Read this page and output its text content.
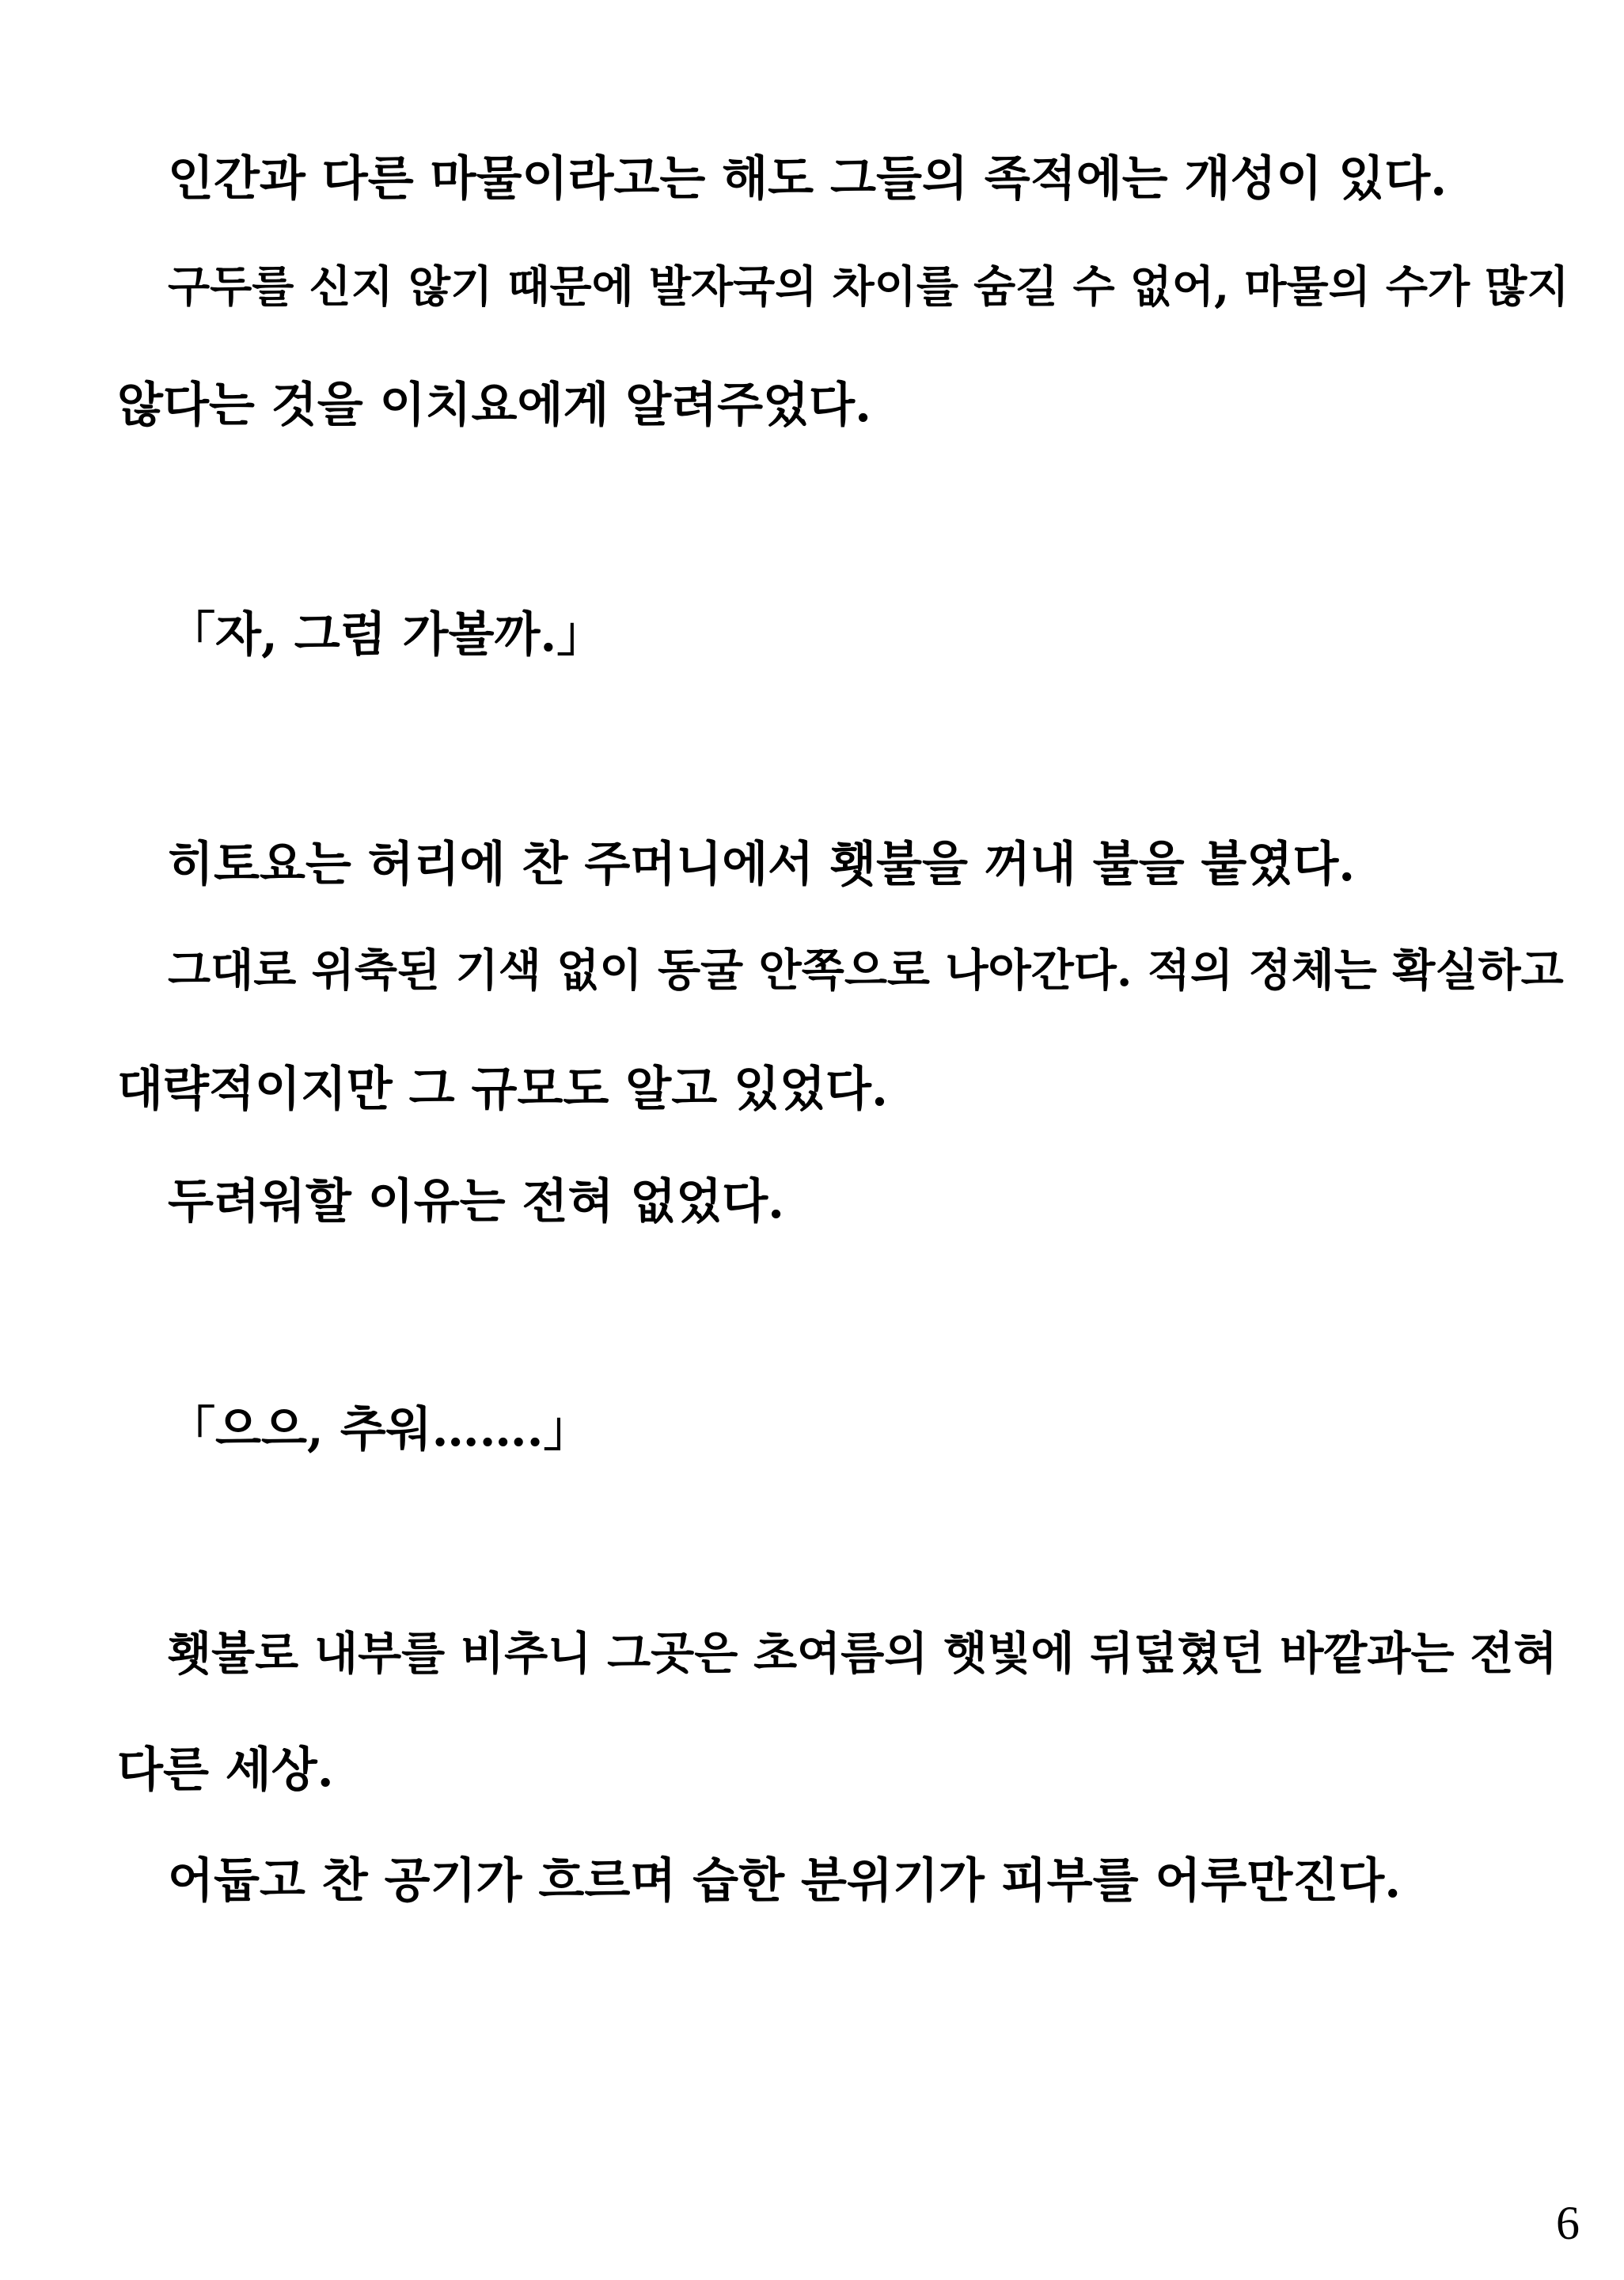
인간과 다른 마물이라고는 해도 그들의 족적에는 개성이 있다.
구두를 신지 않기 때문에 발자국의 차이를 숨길 수 없어, 마물의 수가 많지
않다는 것을 이치요에게 알려주었다.
「자, 그럼 가볼까.」
히토요는 허리에 찬 주머니에서 횃불을 꺼내 불을 붙였다.
그대로 위축된 기색 없이 동굴 안쪽으로 나아간다. 적의 정체는 확실하고
대략적이지만 그 규모도 알고 있었다.
두려워할 이유는 전혀 없었다.
「으으, 추워…….」
횃불로 내부를 비추니 그곳은 초여름의 햇빛에 뒤덮혔던 바깥과는 전혀
다른 세상.
어둡고 찬 공기가 흐르며 습한 분위기가 피부를 어루만진다.
6
